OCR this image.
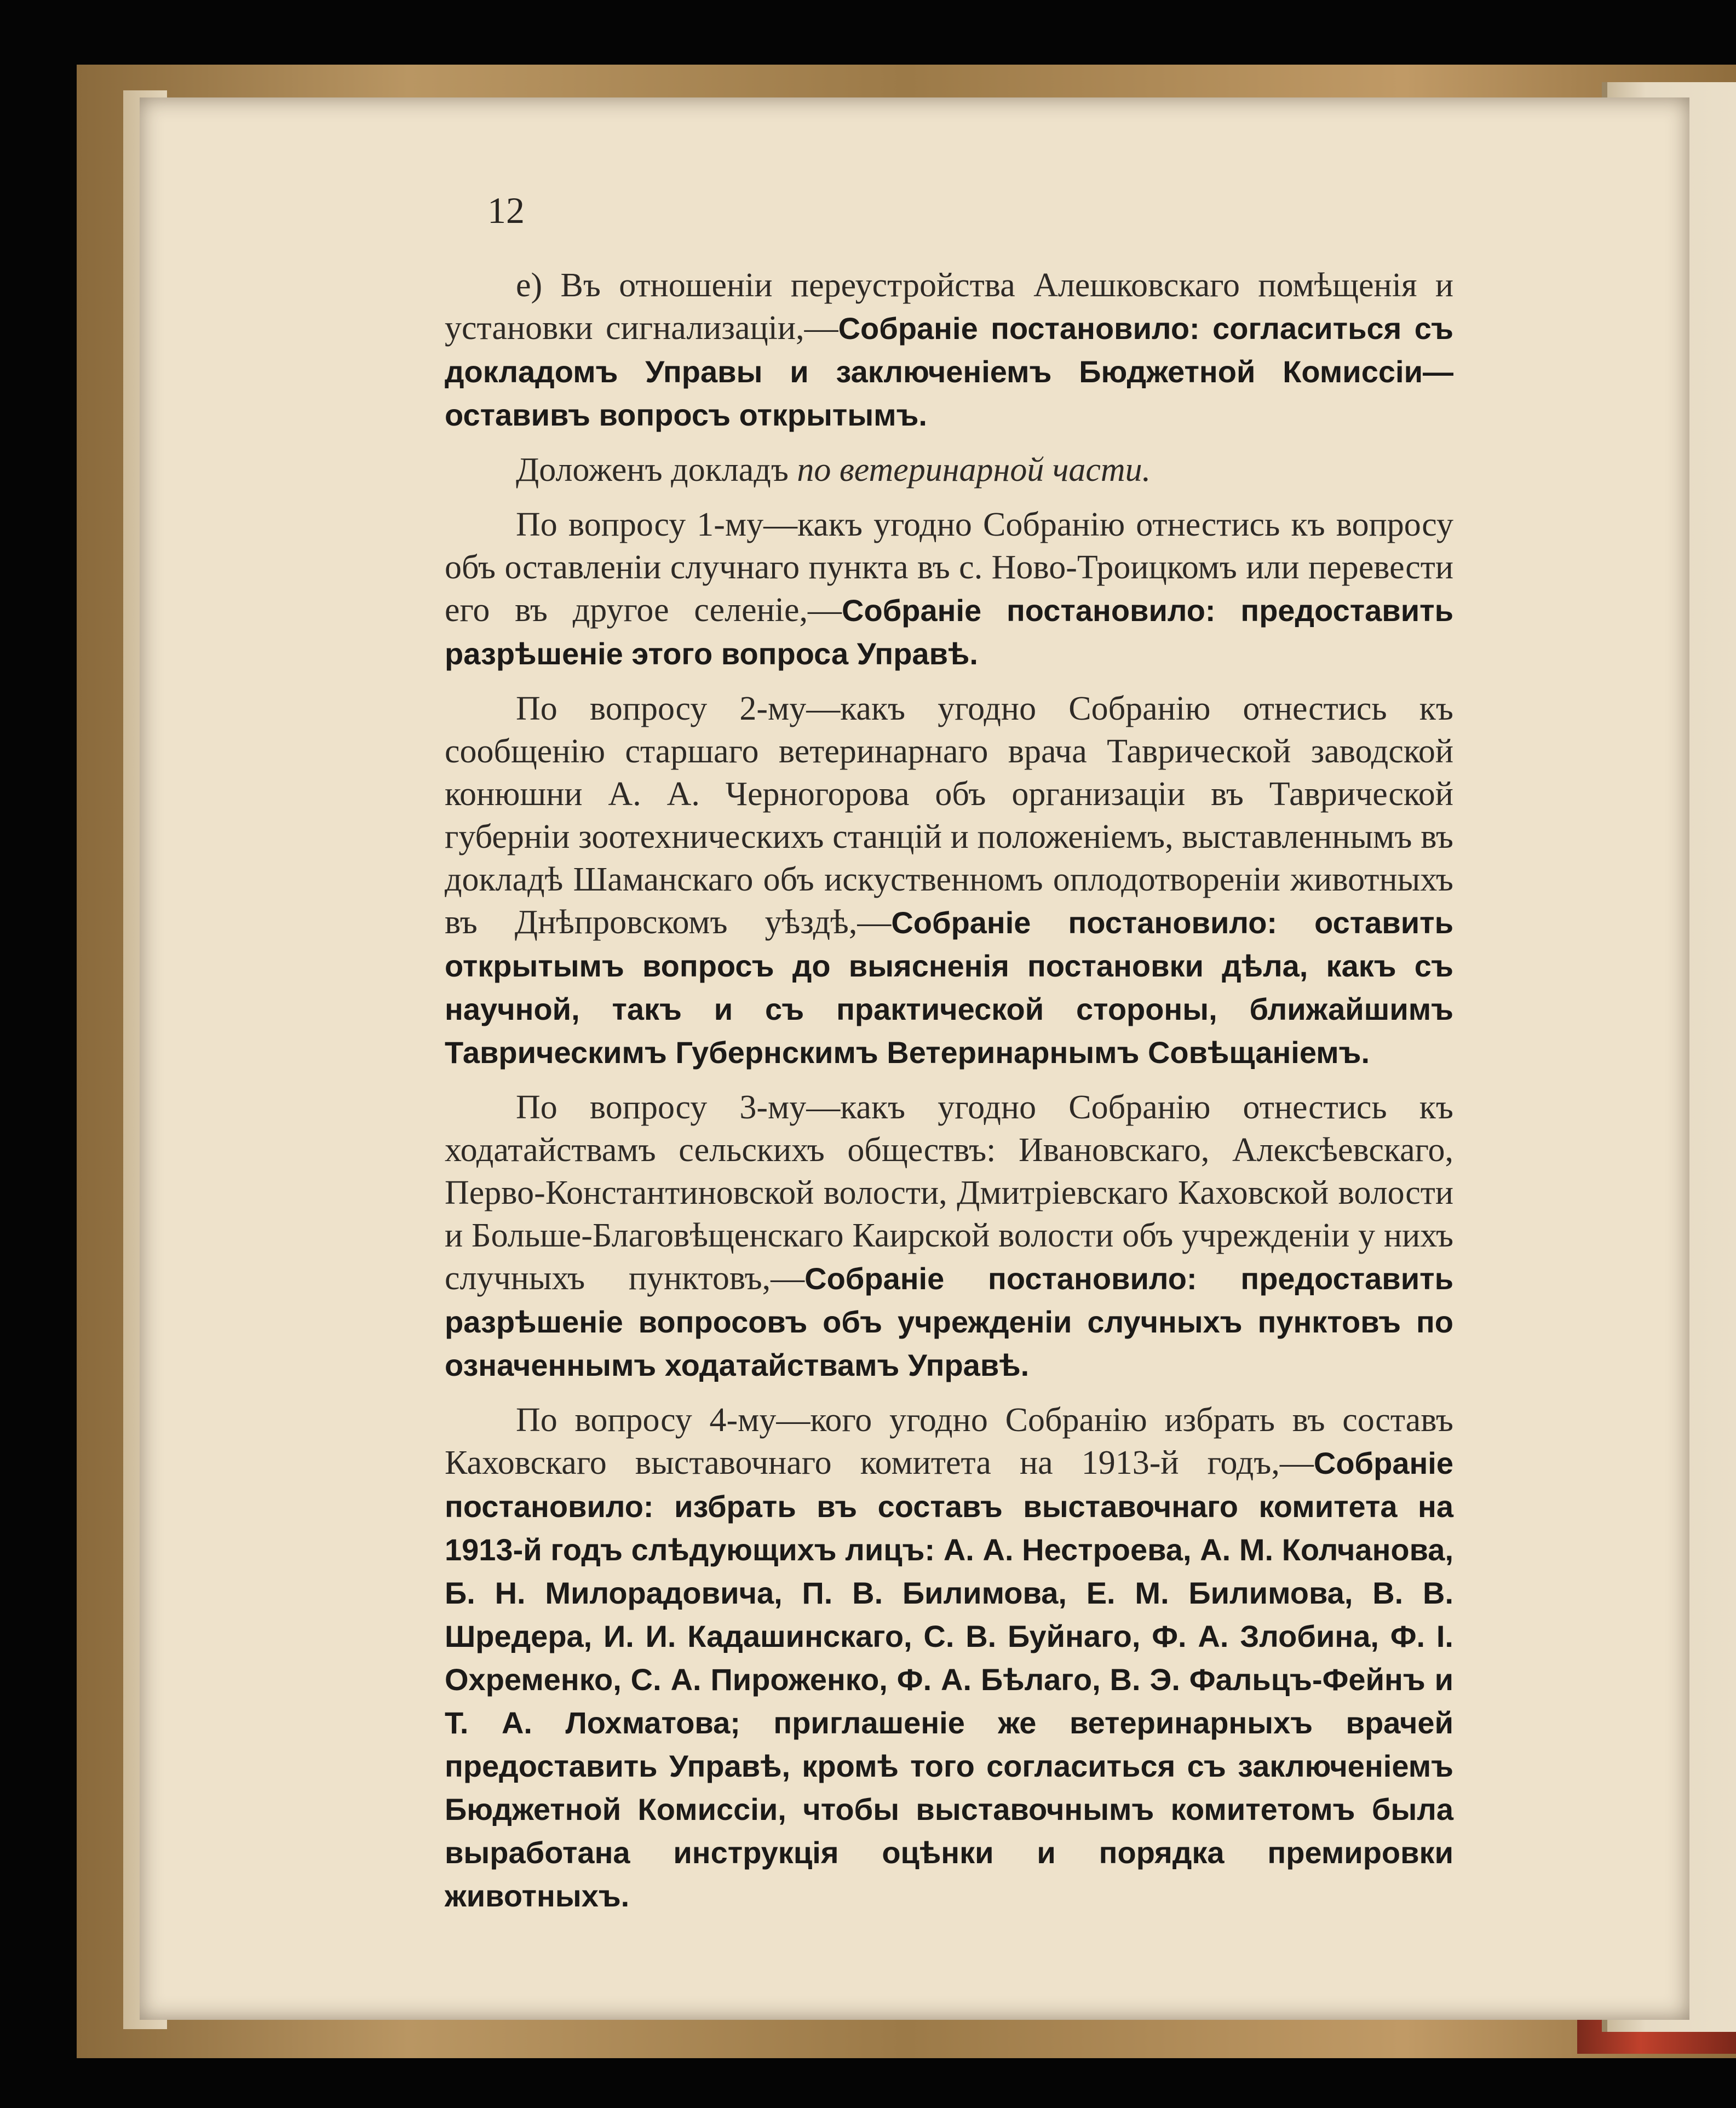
12

е) Въ отношеніи переустройства Алешковскаго помѣщенія и установки сигнализаціи,—Собраніе постановило: согласиться съ докладомъ Управы и заключеніемъ Бюджетной Комиссіи—оставивъ вопросъ открытымъ.

Доложенъ докладъ по ветеринарной части.

По вопросу 1-му—какъ угодно Собранію отнестись къ вопросу объ оставленіи случнаго пункта въ с. Ново-Троицкомъ или перевести его въ другое селеніе,—Собраніе постановило: предоставить разрѣшеніе этого вопроса Управѣ.

По вопросу 2-му—какъ угодно Собранію отнестись къ сообщенію старшаго ветеринарнаго врача Таврической заводской конюшни А. А. Черногорова объ организаціи въ Таврической губерніи зоотехническихъ станцій и положеніемъ, выставленнымъ въ докладѣ Шаманскаго объ искуственномъ оплодотвореніи животныхъ въ Днѣпровскомъ уѣздѣ,—Собраніе постановило: оставить открытымъ вопросъ до выясненія постановки дѣла, какъ съ научной, такъ и съ практической стороны, ближайшимъ Таврическимъ Губернскимъ Ветеринарнымъ Совѣщаніемъ.

По вопросу 3-му—какъ угодно Собранію отнестись къ ходатайствамъ сельскихъ обществъ: Ивановскаго, Алексѣевскаго, Перво-Константиновской волости, Дмитріевскаго Каховской волости и Больше-Благовѣщенскаго Каирской волости объ учрежденіи у нихъ случныхъ пунктовъ,—Собраніе постановило: предоставить разрѣшеніе вопросовъ объ учрежденіи случныхъ пунктовъ по означеннымъ ходатайствамъ Управѣ.

По вопросу 4-му—кого угодно Собранію избрать въ составъ Каховскаго выставочнаго комитета на 1913-й годъ,—Собраніе постановило: избрать въ составъ выставочнаго комитета на 1913-й годъ слѣдующихъ лицъ: А. А. Нестроева, А. М. Колчанова, Б. Н. Милорадовича, П. В. Билимова, Е. М. Билимова, В. В. Шредера, И. И. Кадашинскаго, С. В. Буйнаго, Ф. А. Злобина, Ф. І. Охременко, С. А. Пироженко, Ф. А. Бѣлаго, В. Э. Фальцъ-Фейнъ и Т. А. Лохматова; приглашеніе же ветеринарныхъ врачей предоставить Управѣ, кромѣ того согласиться съ заключеніемъ Бюджетной Комиссіи, чтобы выставочнымъ комитетомъ была выработана инструкція оцѣнки и порядка премировки животныхъ.
